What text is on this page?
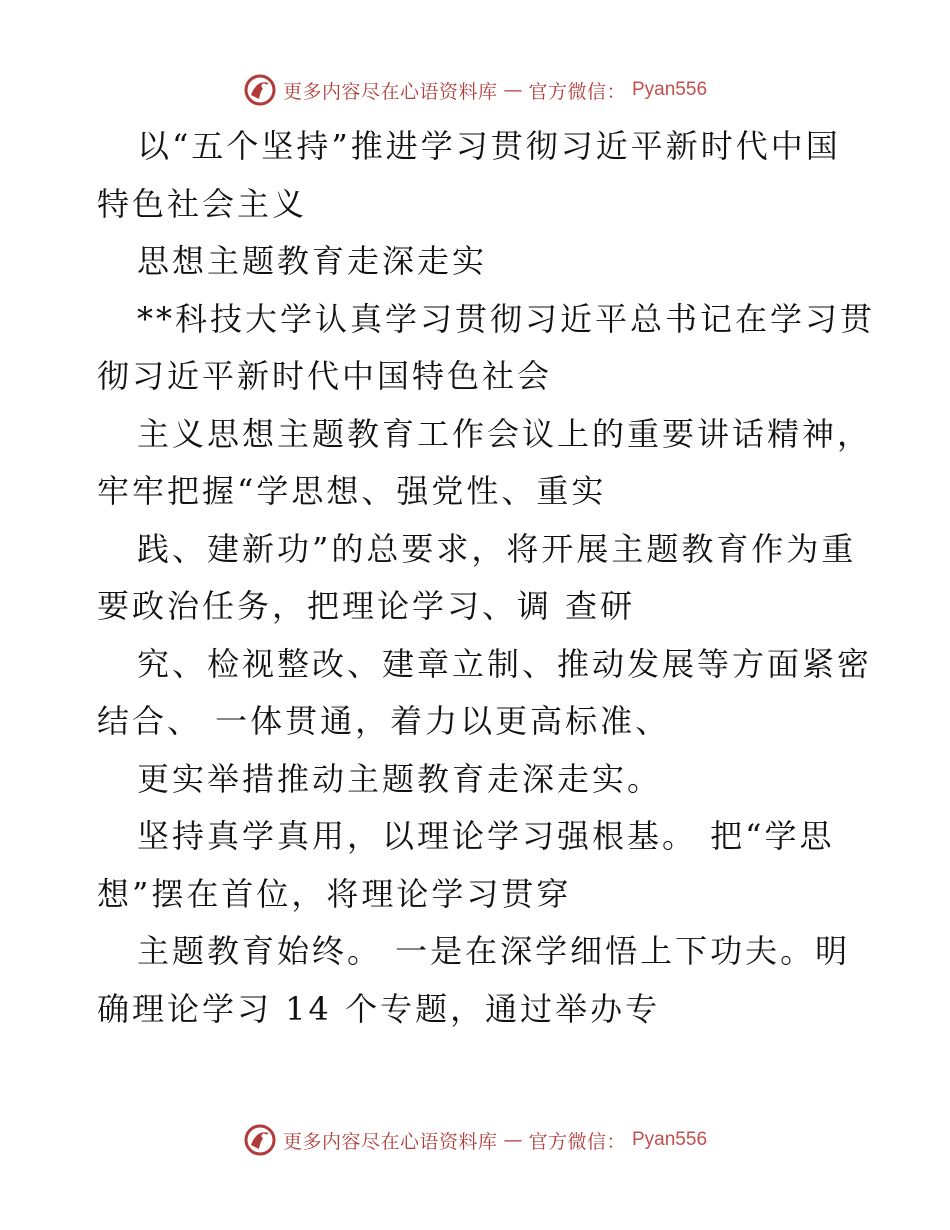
更多内容尽在心语资料库 — 官方微信： Pyan556
以“五个坚持”推进学习贯彻习近平新时代中国
特色社会主义
思想主题教育走深走实
**科技大学认真学习贯彻习近平总书记在学习贯
彻习近平新时代中国特色社会
主义思想主题教育工作会议上的重要讲话精神，
牢牢把握“学思想、强党性、重实
践、建新功”的总要求，将开展主题教育作为重
要政治任务，把理论学习、调 查研
究、检视整改、建章立制、推动发展等方面紧密
结合、 一体贯通，着力以更高标准、
更实举措推动主题教育走深走实。
坚持真学真用，以理论学习强根基。 把“学思
想”摆在首位，将理论学习贯穿
主题教育始终。 一是在深学细悟上下功夫。明
确理论学习 14 个专题，通过举办专
更多内容尽在心语资料库 — 官方微信： Pyan556
